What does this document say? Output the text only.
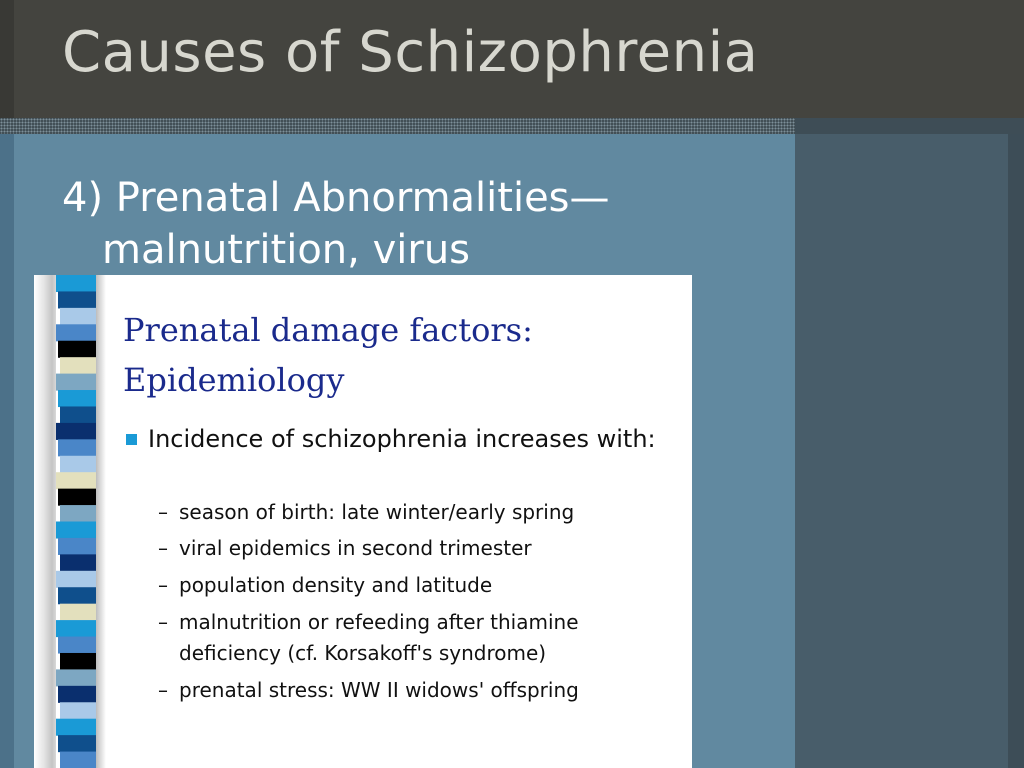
Causes of Schizophrenia

4) Prenatal Abnormalities—
malnutrition, virus

Prenatal damage factors:
Epidemiology
Incidence of schizophrenia increases with:
– season of birth: late winter/early spring
– viral epidemics in second trimester
– population density and latitude
– malnutrition or refeeding after thiamine deficiency (cf. Korsakoff's syndrome)
– prenatal stress: WW II widows' offspring
